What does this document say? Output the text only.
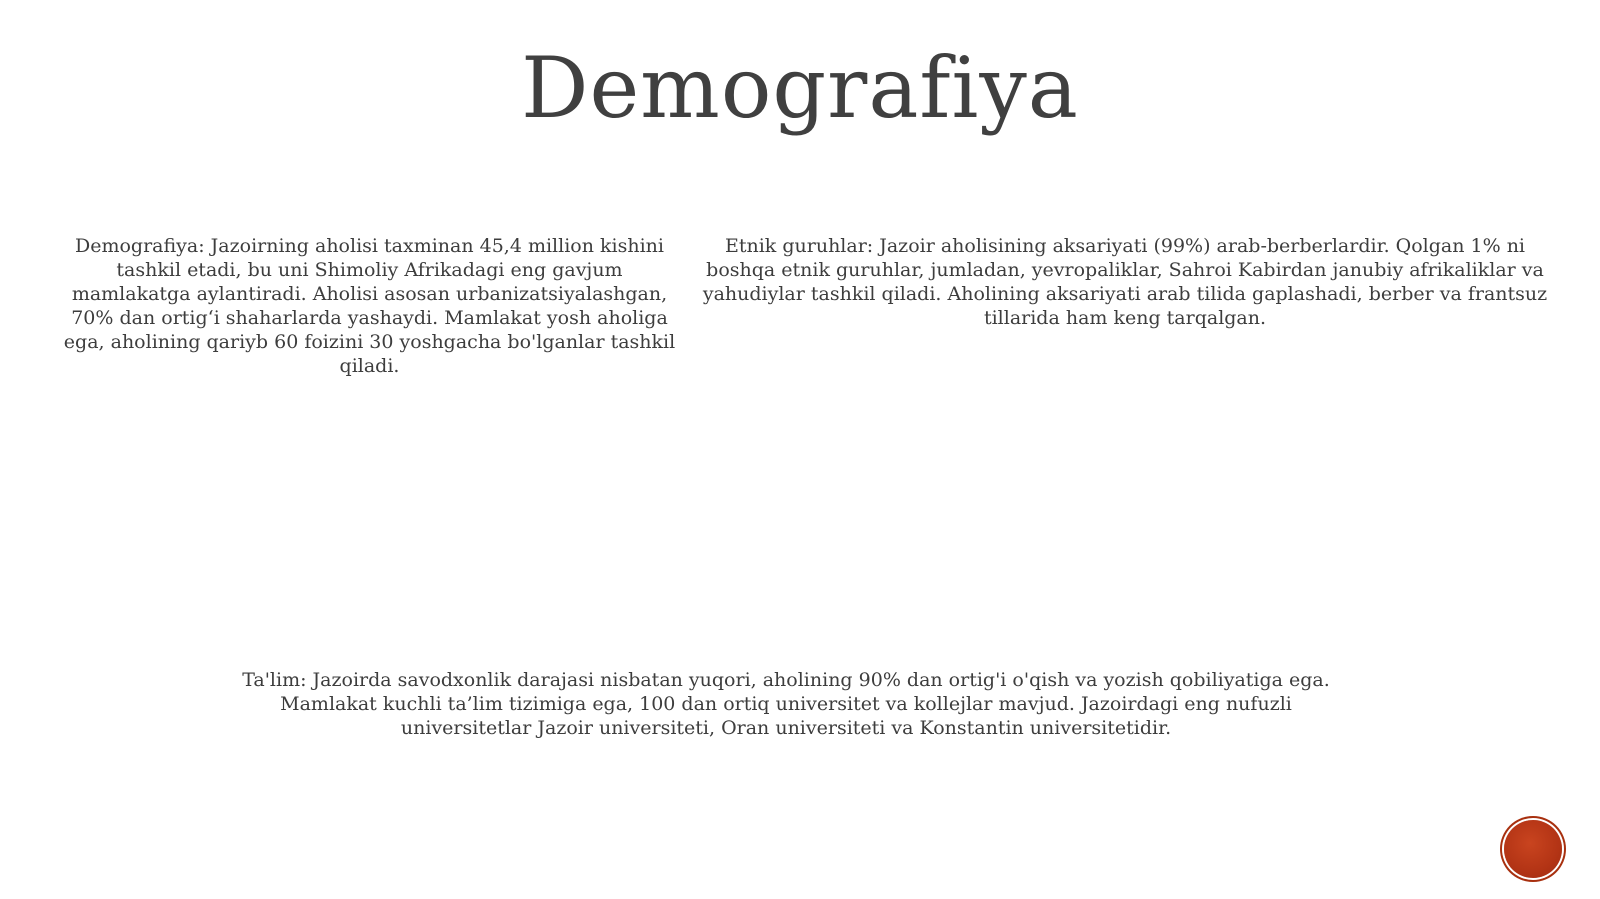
Demografiya

Demografiya: Jazoirning aholisi taxminan 45,4 million kishini tashkil etadi, bu uni Shimoliy Afrikadagi eng gavjum mamlakatga aylantiradi. Aholisi asosan urbanizatsiyalashgan, 70% dan ortig‘i shaharlarda yashaydi. Mamlakat yosh aholiga ega, aholining qariyb 60 foizini 30 yoshgacha bo'lganlar tashkil qiladi.

Etnik guruhlar: Jazoir aholisining aksariyati (99%) arab-berberlardir. Qolgan 1% ni boshqa etnik guruhlar, jumladan, yevropaliklar, Sahroi Kabirdan janubiy afrikaliklar va yahudiylar tashkil qiladi. Aholining aksariyati arab tilida gaplashadi, berber va frantsuz tillarida ham keng tarqalgan.

Ta'lim: Jazoirda savodxonlik darajasi nisbatan yuqori, aholining 90% dan ortig'i o'qish va yozish qobiliyatiga ega. Mamlakat kuchli ta’lim tizimiga ega, 100 dan ortiq universitet va kollejlar mavjud. Jazoirdagi eng nufuzli universitetlar Jazoir universiteti, Oran universiteti va Konstantin universitetidir.
